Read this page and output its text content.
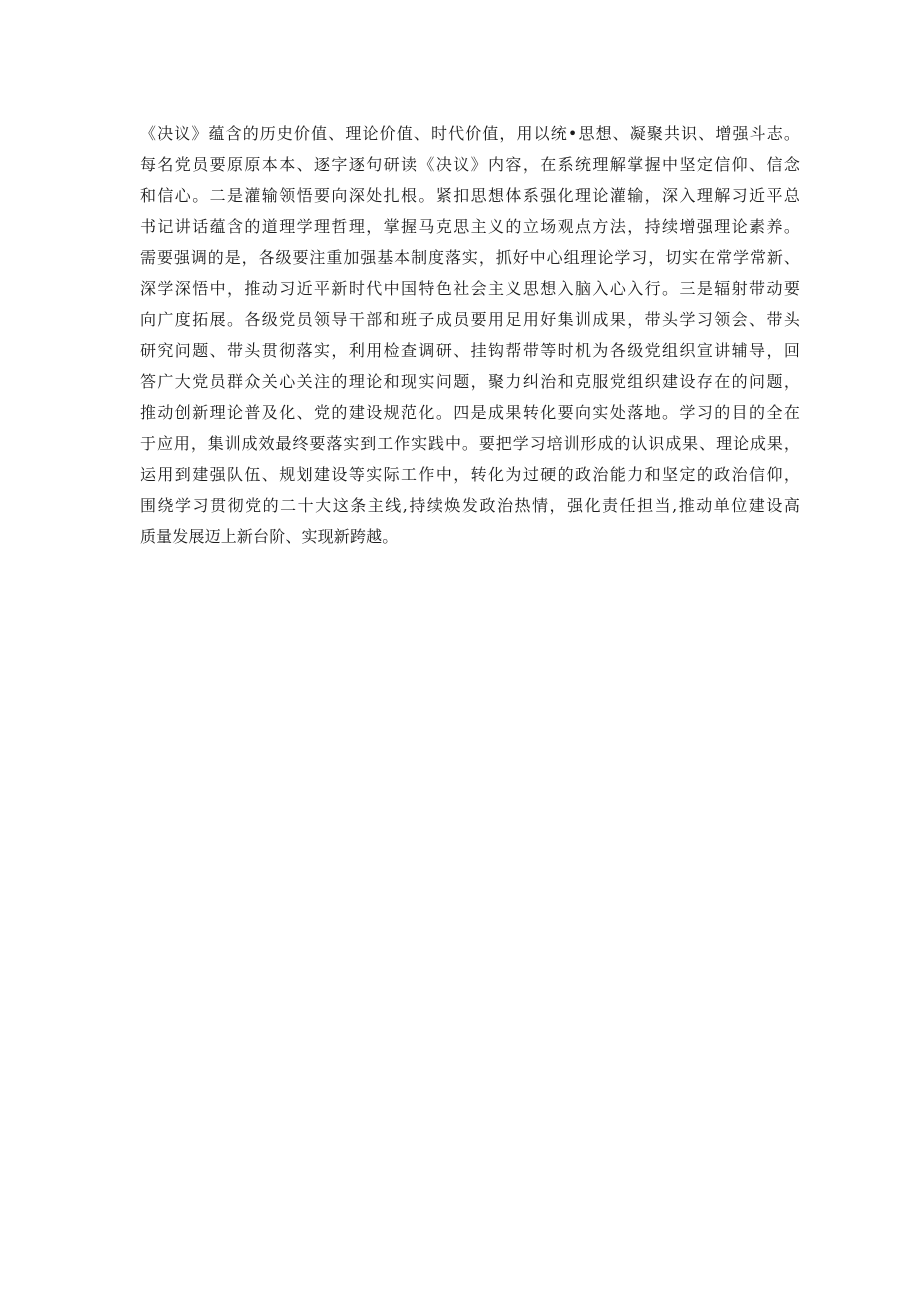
《决议》蕴含的历史价值、理论价值、时代价值，用以统•思想、凝聚共识、增强斗志。
每名党员要原原本本、逐字逐句研读《决议》内容，在系统理解掌握中坚定信仰、信念
和信心。二是灌输领悟要向深处扎根。紧扣思想体系强化理论灌输，深入理解习近平总
书记讲话蕴含的道理学理哲理，掌握马克思主义的立场观点方法，持续增强理论素养。
需要强调的是，各级要注重加强基本制度落实，抓好中心组理论学习，切实在常学常新、
深学深悟中，推动习近平新时代中国特色社会主义思想入脑入心入行。三是辐射带动要
向广度拓展。各级党员领导干部和班子成员要用足用好集训成果，带头学习领会、带头
研究问题、带头贯彻落实，利用检查调研、挂钩帮带等时机为各级党组织宣讲辅导，回
答广大党员群众关心关注的理论和现实问题，聚力纠治和克服党组织建设存在的问题，
推动创新理论普及化、党的建设规范化。四是成果转化要向实处落地。学习的目的全在
于应用，集训成效最终要落实到工作实践中。要把学习培训形成的认识成果、理论成果，
运用到建强队伍、规划建设等实际工作中，转化为过硬的政治能力和坚定的政治信仰，
围绕学习贯彻党的二十大这条主线,持续焕发政治热情，强化责任担当,推动单位建设高
质量发展迈上新台阶、实现新跨越。
